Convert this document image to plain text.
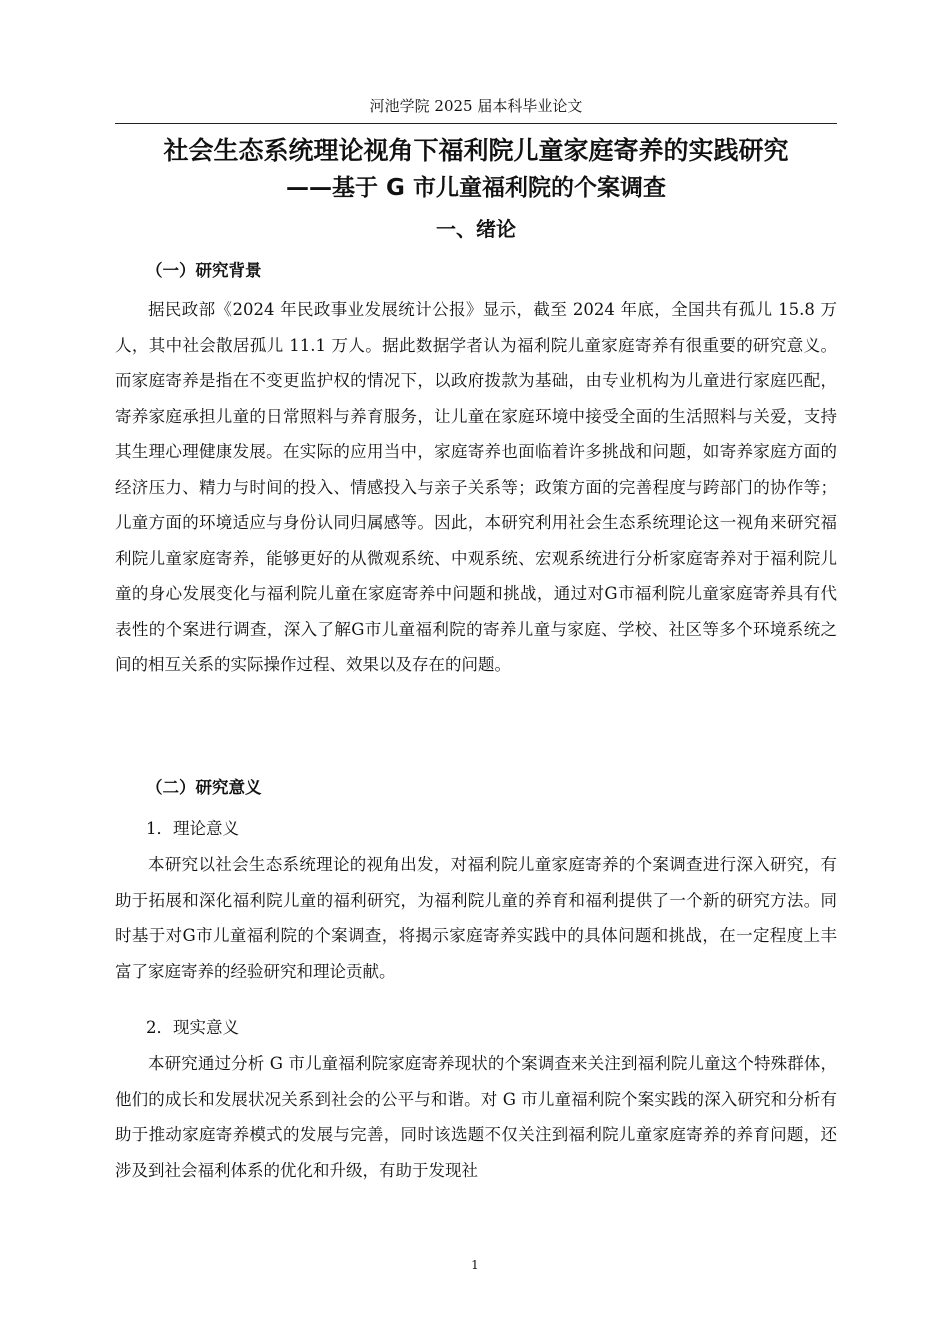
河池学院 2025 届本科毕业论文
社会生态系统理论视角下福利院儿童家庭寄养的实践研究
——基于 G 市儿童福利院的个案调查
一、绪论
（一）研究背景

据民政部《2024 年民政事业发展统计公报》显示，截至 2024 年底，全国共有孤儿 15.8 万人，其中社会散居孤儿 11.1 万人。据此数据学者认为福利院儿童家庭寄养有很重要的研究意义。而家庭寄养是指在不变更监护权的情况下，以政府拨款为基础，由专业机构为儿童进行家庭匹配，寄养家庭承担儿童的日常照料与养育服务，让儿童在家庭环境中接受全面的生活照料与关爱，支持其生理心理健康发展。在实际的应用当中，家庭寄养也面临着许多挑战和问题，如寄养家庭方面的经济压力、精力与时间的投入、情感投入与亲子关系等；政策方面的完善程度与跨部门的协作等；儿童方面的环境适应与身份认同归属感等。因此，本研究利用社会生态系统理论这一视角来研究福利院儿童家庭寄养，能够更好的从微观系统、中观系统、宏观系统进行分析家庭寄养对于福利院儿童的身心发展变化与福利院儿童在家庭寄养中问题和挑战，通过对G市福利院儿童家庭寄养具有代表性的个案进行调查，深入了解G市儿童福利院的寄养儿童与家庭、学校、社区等多个环境系统之间的相互关系的实际操作过程、效果以及存在的问题。

（二）研究意义
1．理论意义

本研究以社会生态系统理论的视角出发，对福利院儿童家庭寄养的个案调查进行深入研究，有助于拓展和深化福利院儿童的福利研究，为福利院儿童的养育和福利提供了一个新的研究方法。同时基于对G市儿童福利院的个案调查，将揭示家庭寄养实践中的具体问题和挑战，在一定程度上丰富了家庭寄养的经验研究和理论贡献。

2．现实意义

本研究通过分析 G 市儿童福利院家庭寄养现状的个案调查来关注到福利院儿童这个特殊群体，他们的成长和发展状况关系到社会的公平与和谐。对 G 市儿童福利院个案实践的深入研究和分析有助于推动家庭寄养模式的发展与完善，同时该选题不仅关注到福利院儿童家庭寄养的养育问题，还涉及到社会福利体系的优化和升级，有助于发现社

1
